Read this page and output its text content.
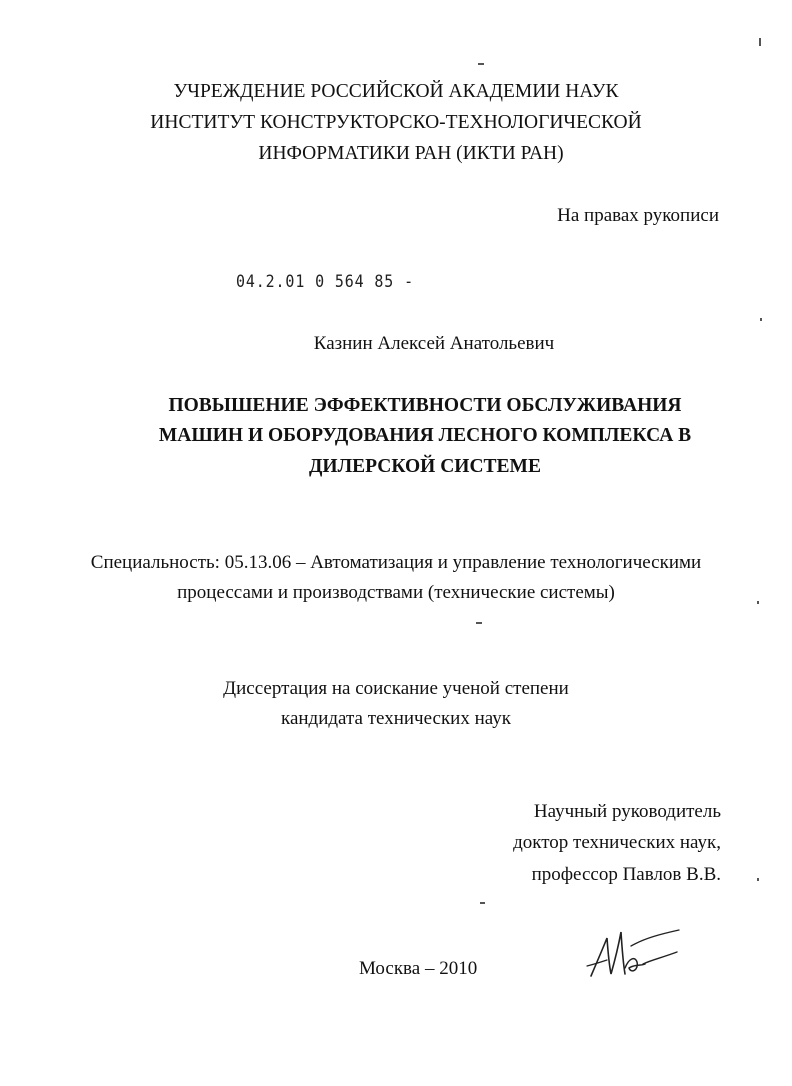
УЧРЕЖДЕНИЕ РОССИЙСКОЙ АКАДЕМИИ НАУК
ИНСТИТУТ КОНСТРУКТОРСКО-ТЕХНОЛОГИЧЕСКОЙ
ИНФОРМАТИКИ РАН (ИКТИ РАН)
На правах рукописи
04.2.01 0 564 85 -
Казнин Алексей Анатольевич
ПОВЫШЕНИЕ ЭФФЕКТИВНОСТИ ОБСЛУЖИВАНИЯ
МАШИН И ОБОРУДОВАНИЯ ЛЕСНОГО КОМПЛЕКСА В
ДИЛЕРСКОЙ СИСТЕМЕ
Специальность: 05.13.06 – Автоматизация и управление технологическими
процессами и производствами (технические системы)
Диссертация на соискание ученой степени
кандидата технических наук
Научный руководитель
доктор технических наук,
профессор Павлов В.В.
Москва – 2010
